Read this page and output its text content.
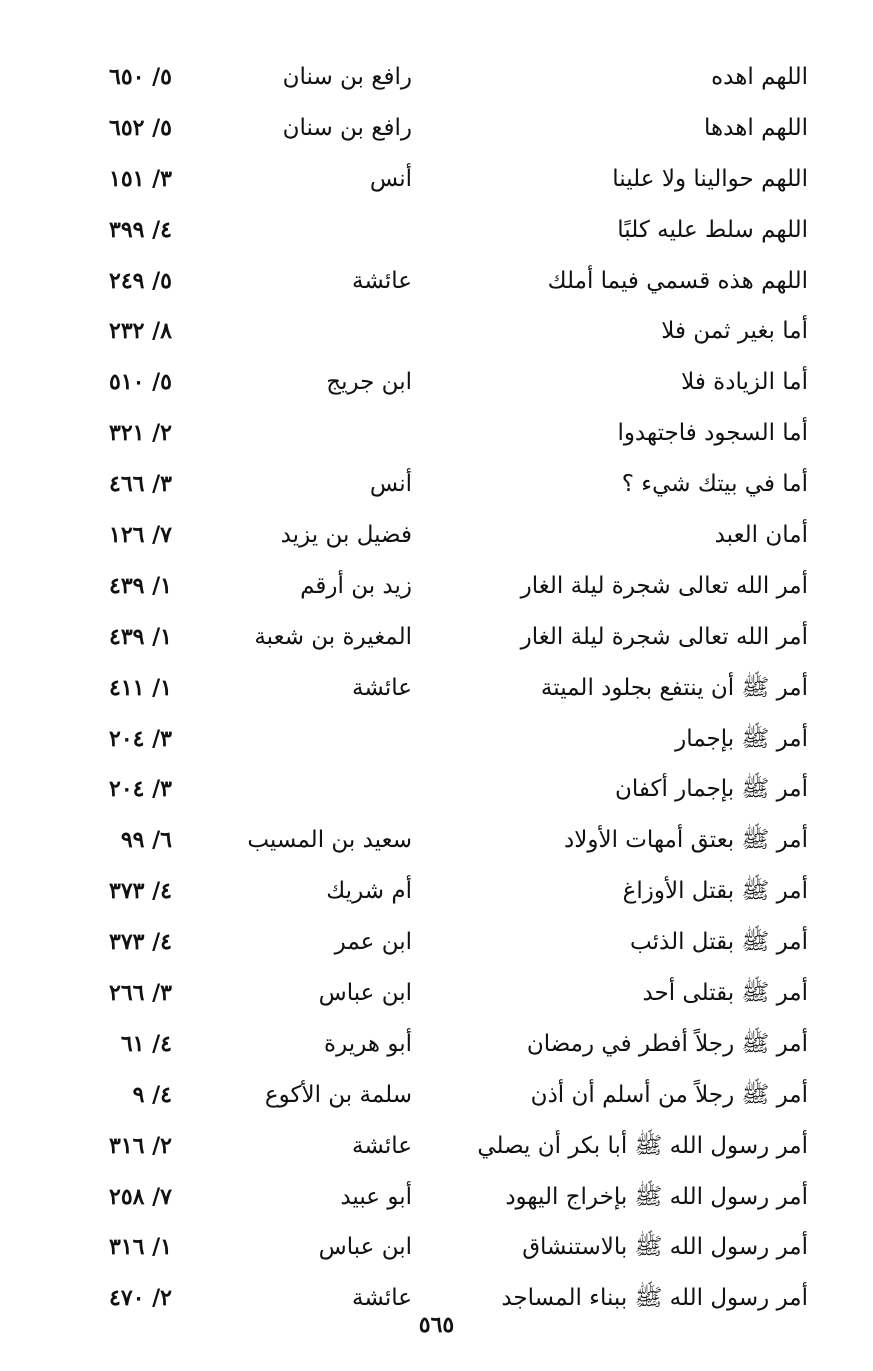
اللهم اهده
رافع بن سنان
٥/ ٦٥٠
اللهم اهدها
رافع بن سنان
٥/ ٦٥٢
اللهم حوالينا ولا علينا
أنس
٣/ ١٥١
اللهم سلط عليه كلبًا
٤/ ٣٩٩
اللهم هذه قسمي فيما أملك
عائشة
٥/ ٢٤٩
أما بغير ثمن فلا
٨/ ٢٣٢
أما الزيادة فلا
ابن جريج
٥/ ٥١٠
أما السجود فاجتهدوا
٢/ ٣٢١
أما في بيتك شيء ؟
أنس
٣/ ٤٦٦
أمان العبد
فضيل بن يزيد
٧/ ١٢٦
أمر الله تعالى شجرة ليلة الغار
زيد بن أرقم
١/ ٤٣٩
أمر الله تعالى شجرة ليلة الغار
المغيرة بن شعبة
١/ ٤٣٩
أمر ﷺ أن ينتفع بجلود الميتة
عائشة
١/ ٤١١
أمر ﷺ بإجمار
٣/ ٢٠٤
أمر ﷺ بإجمار أكفان
٣/ ٢٠٤
أمر ﷺ بعتق أمهات الأولاد
سعيد بن المسيب
٦/ ٩٩
أمر ﷺ بقتل الأوزاغ
أم شريك
٤/ ٣٧٣
أمر ﷺ بقتل الذئب
ابن عمر
٤/ ٣٧٣
أمر ﷺ بقتلى أحد
ابن عباس
٣/ ٢٦٦
أمر ﷺ رجلاً أفطر في رمضان
أبو هريرة
٤/ ٦١
أمر ﷺ رجلاً من أسلم أن أذن
سلمة بن الأكوع
٤/ ٩
أمر رسول الله ﷺ أبا بكر أن يصلي
عائشة
٢/ ٣١٦
أمر رسول الله ﷺ بإخراج اليهود
أبو عبيد
٧/ ٢٥٨
أمر رسول الله ﷺ بالاستنشاق
ابن عباس
١/ ٣١٦
أمر رسول الله ﷺ ببناء المساجد
عائشة
٢/ ٤٧٠
٥٦٥
